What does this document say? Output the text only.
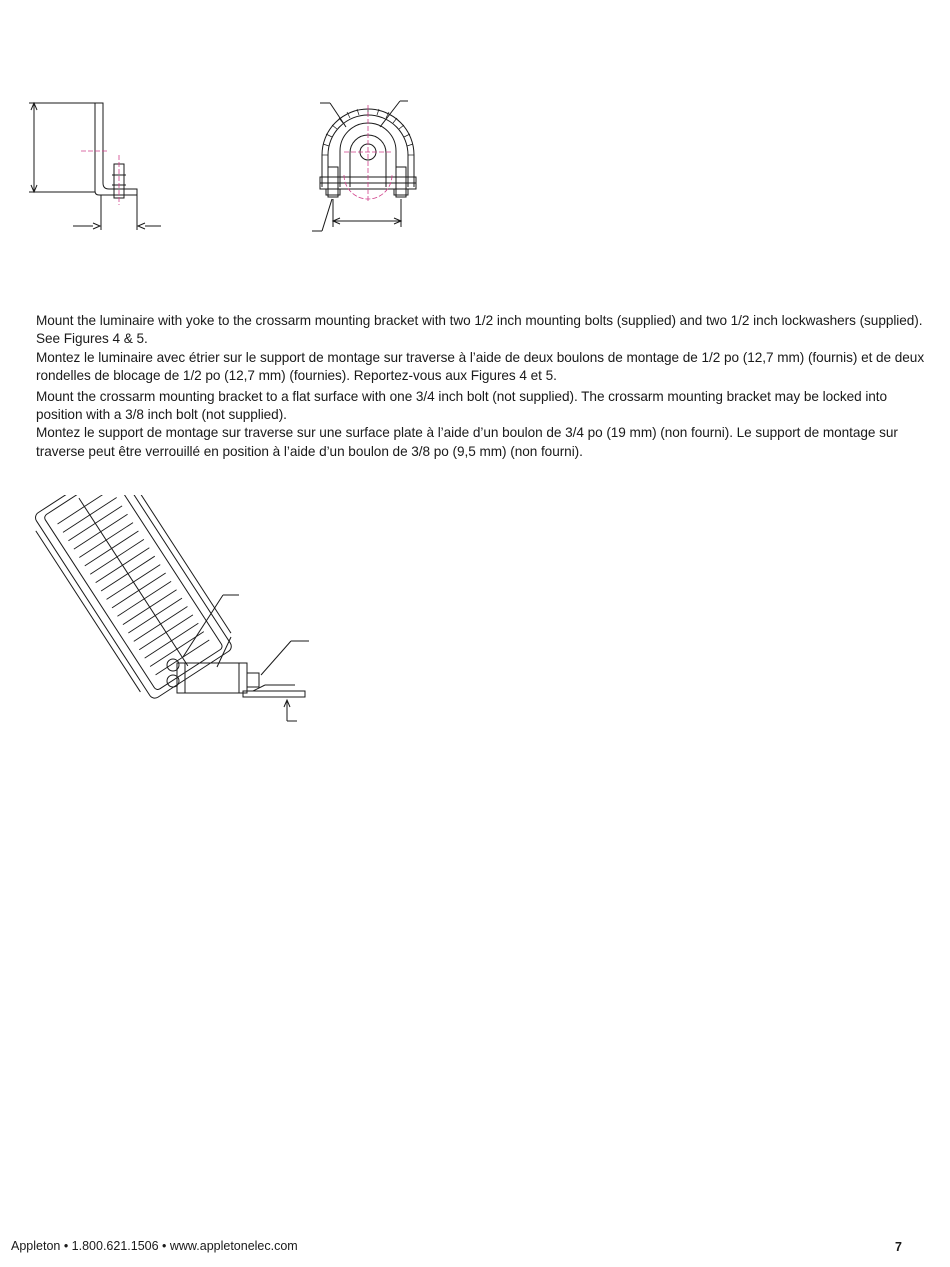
Mount the luminaire with yoke to the crossarm mounting bracket with two 1/2 inch mounting bolts (supplied) and two 1/2 inch lockwashers (supplied). See Figures 4 & 5.

Montez le luminaire avec étrier sur le support de montage sur traverse à l’aide de deux boulons de montage de 1/2 po (12,7 mm) (fournis) et de deux rondelles de blocage de 1/2 po (12,7 mm) (fournies). Reportez-vous aux Figures 4 et 5.

Mount the crossarm mounting bracket to a flat surface with one 3/4 inch bolt (not supplied). The crossarm mounting bracket may be locked into position with a 3/8 inch bolt (not supplied).

Montez le support de montage sur traverse sur une surface plate à l’aide d’un boulon de 3/4 po (19 mm) (non fourni). Le support de montage sur traverse peut être verrouillé en position à l’aide d’un boulon de 3/8 po (9,5 mm) (non fourni).

Appleton • 1.800.621.1506 • www.appletonelec.com	7
